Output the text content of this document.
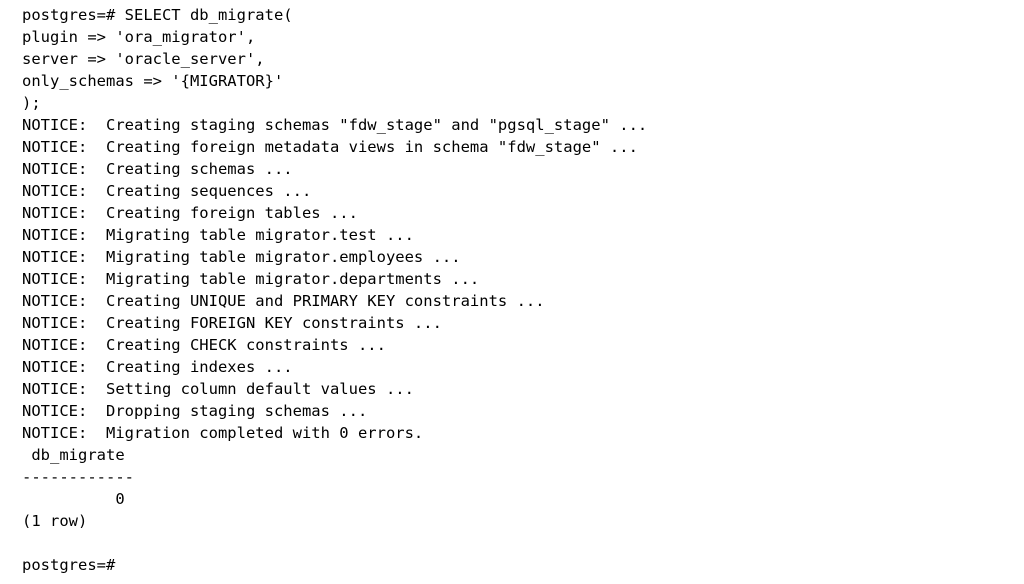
postgres=# SELECT db_migrate(
plugin => 'ora_migrator',
server => 'oracle_server',
only_schemas => '{MIGRATOR}'
);
NOTICE:  Creating staging schemas "fdw_stage" and "pgsql_stage" ...
NOTICE:  Creating foreign metadata views in schema "fdw_stage" ...
NOTICE:  Creating schemas ...
NOTICE:  Creating sequences ...
NOTICE:  Creating foreign tables ...
NOTICE:  Migrating table migrator.test ...
NOTICE:  Migrating table migrator.employees ...
NOTICE:  Migrating table migrator.departments ...
NOTICE:  Creating UNIQUE and PRIMARY KEY constraints ...
NOTICE:  Creating FOREIGN KEY constraints ...
NOTICE:  Creating CHECK constraints ...
NOTICE:  Creating indexes ...
NOTICE:  Setting column default values ...
NOTICE:  Dropping staging schemas ...
NOTICE:  Migration completed with 0 errors.
db_migrate
------------
0
(1 row)
postgres=#
